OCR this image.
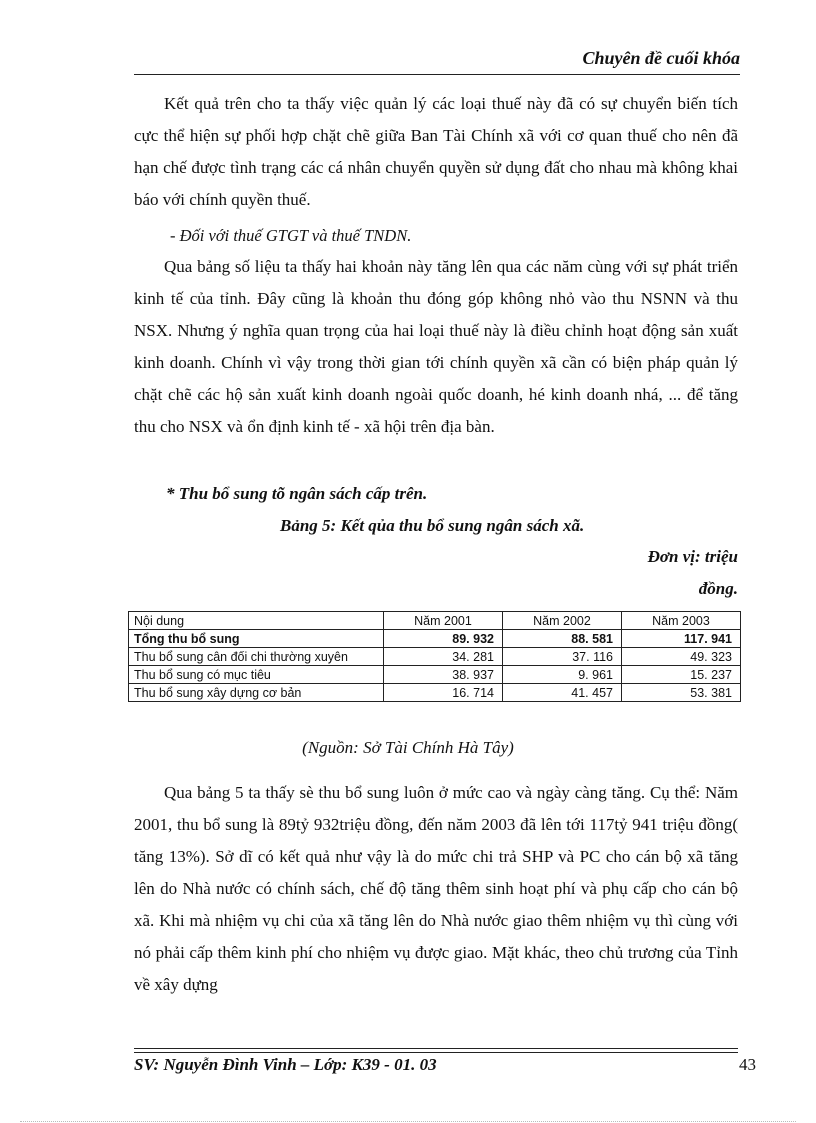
Chuyên đề cuối khóa
Kết quả trên cho ta thấy việc quản lý các loại thuế này đã có sự chuyển biến tích cực thể hiện sự phối hợp chặt chẽ giữa Ban Tài Chính xã với cơ quan thuế cho nên đã hạn chế được tình trạng các cá nhân chuyển quyền sử dụng đất cho nhau mà không khai báo với chính quyền thuế.
- Đối với thuế GTGT và thuế TNDN.
Qua bảng số liệu ta thấy hai khoản này tăng lên qua các năm cùng với sự phát triển kinh tế của tỉnh. Đây cũng là khoản thu đóng góp không nhỏ vào thu NSNN và thu NSX. Nhưng ý nghĩa quan trọng của hai loại thuế này là điều chỉnh hoạt động sản xuất kinh doanh. Chính vì vậy trong thời gian tới chính quyền xã cần có biện pháp quản lý chặt chẽ các hộ sản xuất kinh doanh ngoài quốc doanh, hé kinh doanh nhá, ... để tăng thu cho NSX và ổn định kinh tế - xã hội trên địa bàn.
* Thu bổ sung tõ ngân sách cấp trên.
Bảng 5: Kết qủa thu bổ sung ngân sách xã.
Đơn vị: triệu
đồng.
Nội dung	Năm 2001	Năm 2002	Năm 2003
Tổng thu bổ sung	89. 932	88. 581	117. 941
Thu bổ sung cân đối chi thường xuyên	34. 281	37. 116	49. 323
Thu bổ sung có mục tiêu	38. 937	9. 961	15. 237
Thu bổ sung xây dựng cơ bản	16. 714	41. 457	53. 381
(Nguồn: Sở Tài Chính Hà Tây)
Qua bảng 5 ta thấy sè thu bổ sung luôn ở mức cao và ngày càng tăng. Cụ thể: Năm 2001, thu bổ sung là 89tỷ 932triệu đồng, đến năm 2003 đã lên tới 117tỷ 941 triệu đồng( tăng 13%). Sở dĩ có kết quả như vậy là do mức chi trả SHP và PC cho cán bộ xã tăng lên do Nhà nước có chính sách, chế độ tăng thêm sinh hoạt phí và phụ cấp cho cán bộ xã. Khi mà nhiệm vụ chi của xã tăng lên do Nhà nước giao thêm nhiệm vụ thì cùng với nó phải cấp thêm kinh phí cho nhiệm vụ được giao. Mặt khác, theo chủ trương của Tỉnh về xây dựng
SV: Nguyễn Đình Vinh – Lớp: K39 - 01. 03	43
